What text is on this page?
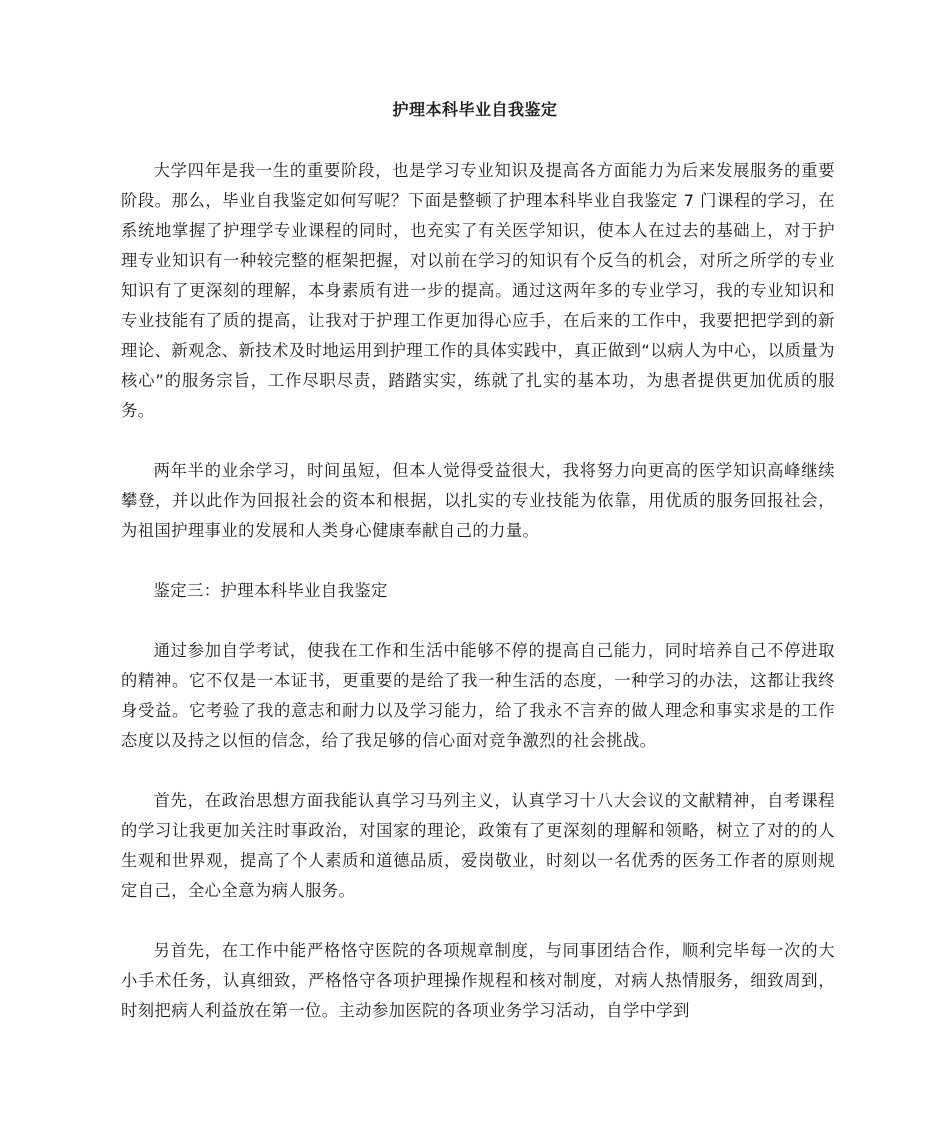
护理本科毕业自我鉴定

大学四年是我一生的重要阶段，也是学习专业知识及提高各方面能力为后来发展服务的重要阶段。那么，毕业自我鉴定如何写呢？下面是整顿了护理本科毕业自我鉴定 7 门课程的学习，在系统地掌握了护理学专业课程的同时，也充实了有关医学知识，使本人在过去的基础上，对于护理专业知识有一种较完整的框架把握，对以前在学习的知识有个反刍的机会，对所之所学的专业知识有了更深刻的理解，本身素质有进一步的提高。通过这两年多的专业学习，我的专业知识和专业技能有了质的提高，让我对于护理工作更加得心应手，在后来的工作中，我要把把学到的新理论、新观念、新技术及时地运用到护理工作的具体实践中，真正做到“以病人为中心，以质量为核心”的服务宗旨，工作尽职尽责，踏踏实实，练就了扎实的基本功，为患者提供更加优质的服务。

两年半的业余学习，时间虽短，但本人觉得受益很大，我将努力向更高的医学知识高峰继续攀登，并以此作为回报社会的资本和根据，以扎实的专业技能为依靠，用优质的服务回报社会，为祖国护理事业的发展和人类身心健康奉献自己的力量。

鉴定三：护理本科毕业自我鉴定

通过参加自学考试，使我在工作和生活中能够不停的提高自己能力，同时培养自己不停进取的精神。它不仅是一本证书，更重要的是给了我一种生活的态度，一种学习的办法，这都让我终身受益。它考验了我的意志和耐力以及学习能力，给了我永不言弃的做人理念和事实求是的工作态度以及持之以恒的信念，给了我足够的信心面对竞争激烈的社会挑战。

首先，在政治思想方面我能认真学习马列主义，认真学习十八大会议的文献精神，自考课程的学习让我更加关注时事政治，对国家的理论，政策有了更深刻的理解和领略，树立了对的的人生观和世界观，提高了个人素质和道德品质，爱岗敬业，时刻以一名优秀的医务工作者的原则规定自己，全心全意为病人服务。

另首先，在工作中能严格恪守医院的各项规章制度，与同事团结合作，顺利完毕每一次的大小手术任务，认真细致，严格恪守各项护理操作规程和核对制度，对病人热情服务，细致周到，时刻把病人利益放在第一位。主动参加医院的各项业务学习活动，自学中学到
